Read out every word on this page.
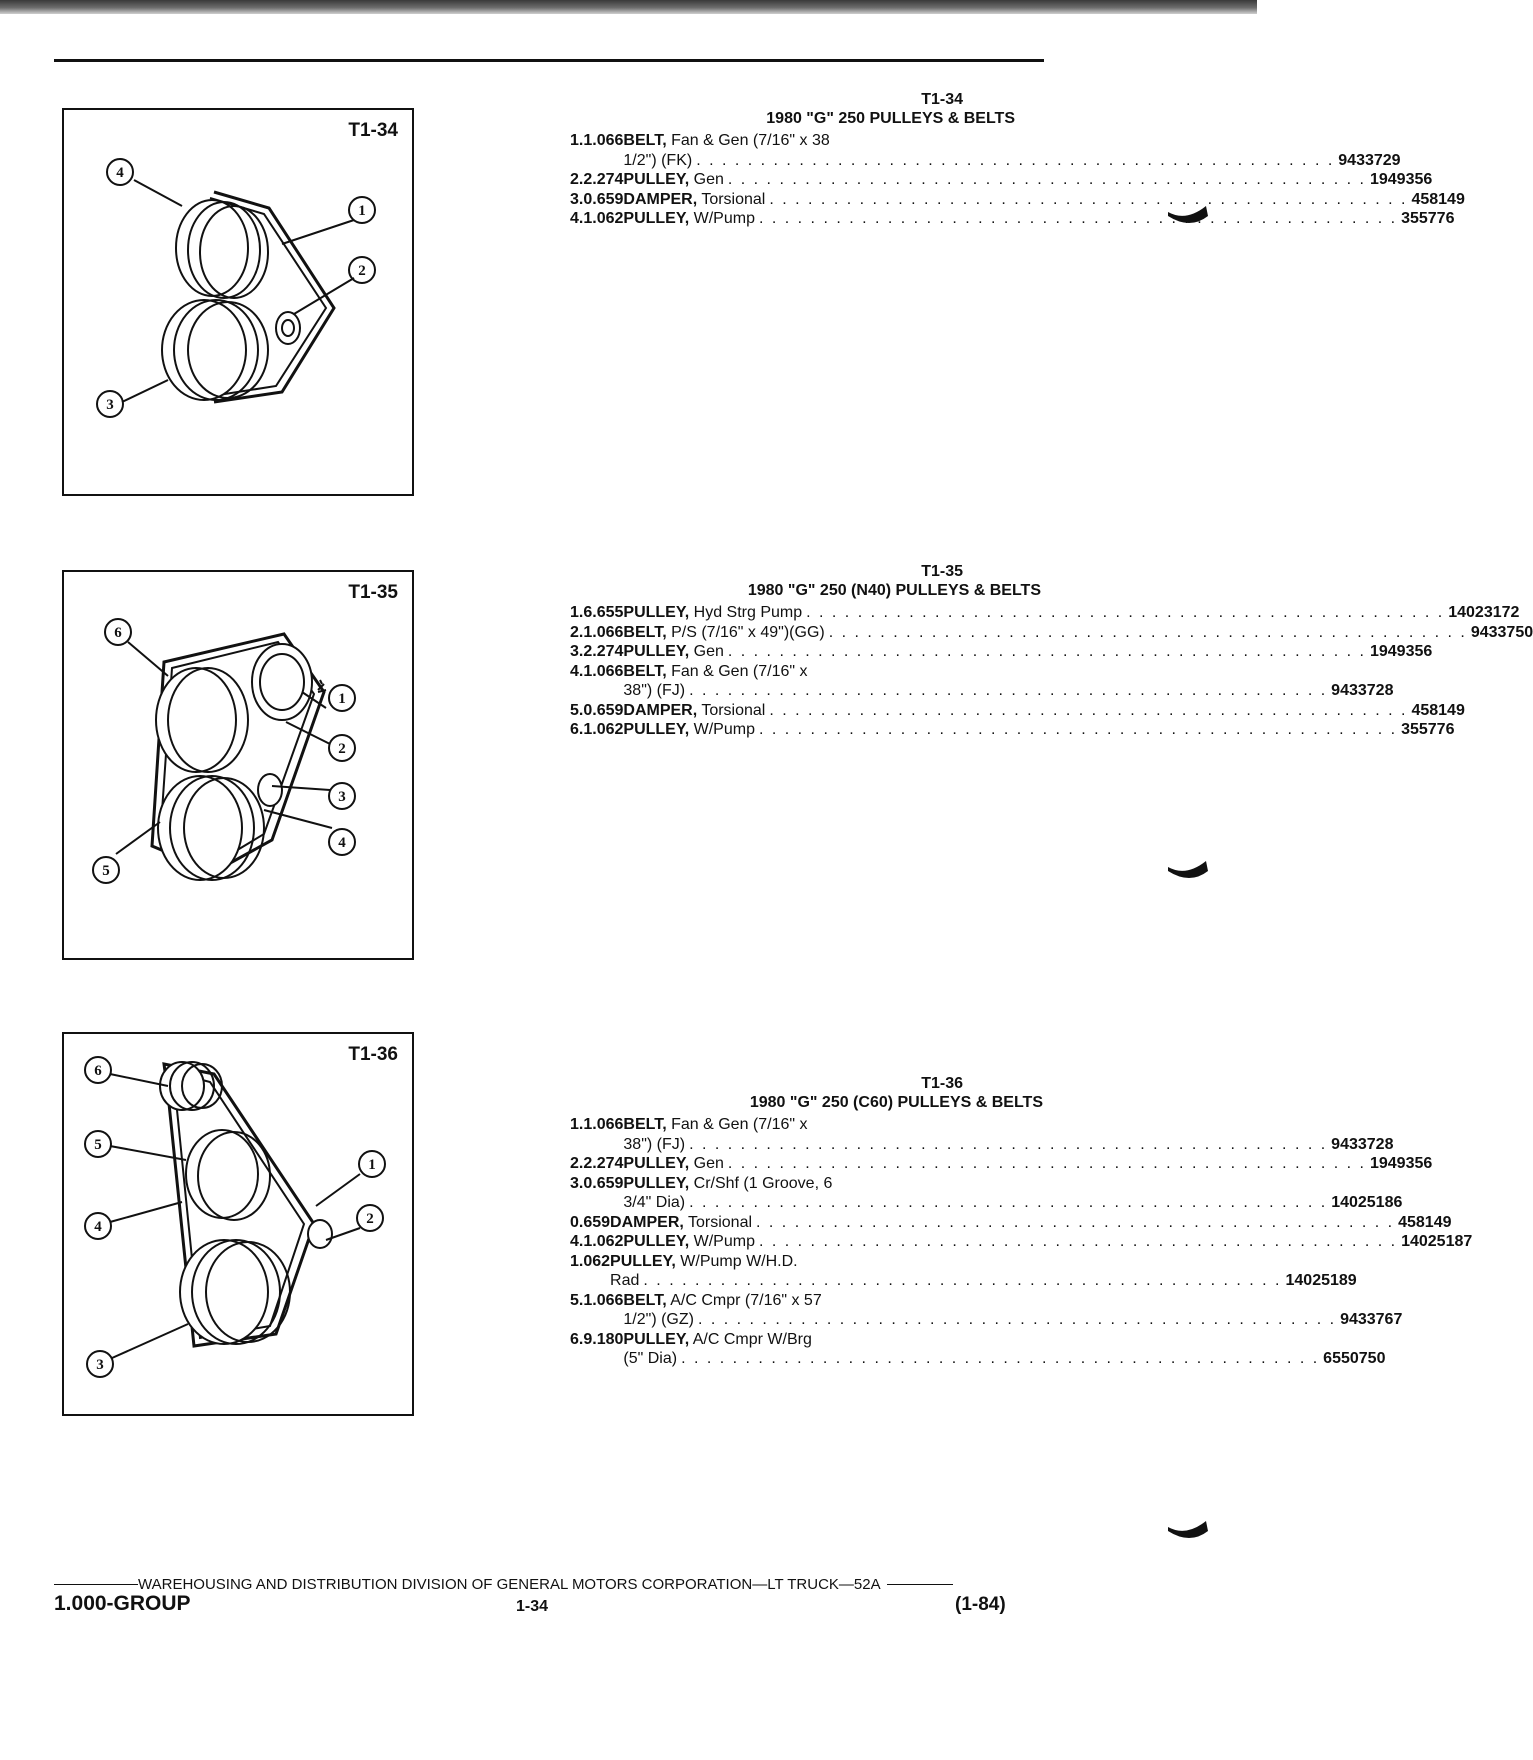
T1-34
4
1
2
3
T1-35
6
1
2
3
4
5
T1-36
6
5
4
1
2
3
T1-34
1980 "G" 250 PULLEYS & BELTS
1. 1.066 BELT, Fan & Gen (7/16" x 38
1/2") (FK) . . .	9433729
2. 2.274 PULLEY, Gen . . .	1949356
3. 0.659 DAMPER, Torsional . . .	458149
4. 1.062 PULLEY, W/Pump . . .	355776
T1-35
1980 "G" 250 (N40) PULLEYS & BELTS
1. 6.655 PULLEY, Hyd Strg Pump . . .	14023172
2. 1.066 BELT, P/S (7/16" x 49")(GG) . . .	9433750
3. 2.274 PULLEY, Gen . . .	1949356
4. 1.066 BELT, Fan & Gen (7/16" x
38") (FJ) . . .	9433728
5. 0.659 DAMPER, Torsional . . .	458149
6. 1.062 PULLEY, W/Pump . . .	355776
T1-36
1980 "G" 250 (C60) PULLEYS & BELTS
1. 1.066 BELT, Fan & Gen (7/16" x
38") (FJ) . . .	9433728
2. 2.274 PULLEY, Gen . . .	1949356
3. 0.659 PULLEY, Cr/Shf (1 Groove, 6
3/4" Dia) . . .	14025186
0.659 DAMPER, Torsional . . .	458149
4. 1.062 PULLEY, W/Pump . . .	14025187
1.062 PULLEY, W/Pump W/H.D.
Rad . . .	14025189
5. 1.066 BELT, A/C Cmpr (7/16" x 57
1/2") (GZ) . . .	9433767
6. 9.180 PULLEY, A/C Cmpr W/Brg
(5" Dia) . . .	6550750
WAREHOUSING AND DISTRIBUTION DIVISION OF GENERAL MOTORS CORPORATION—LT TRUCK—52A
1.000-GROUP	1-34	(1-84)
